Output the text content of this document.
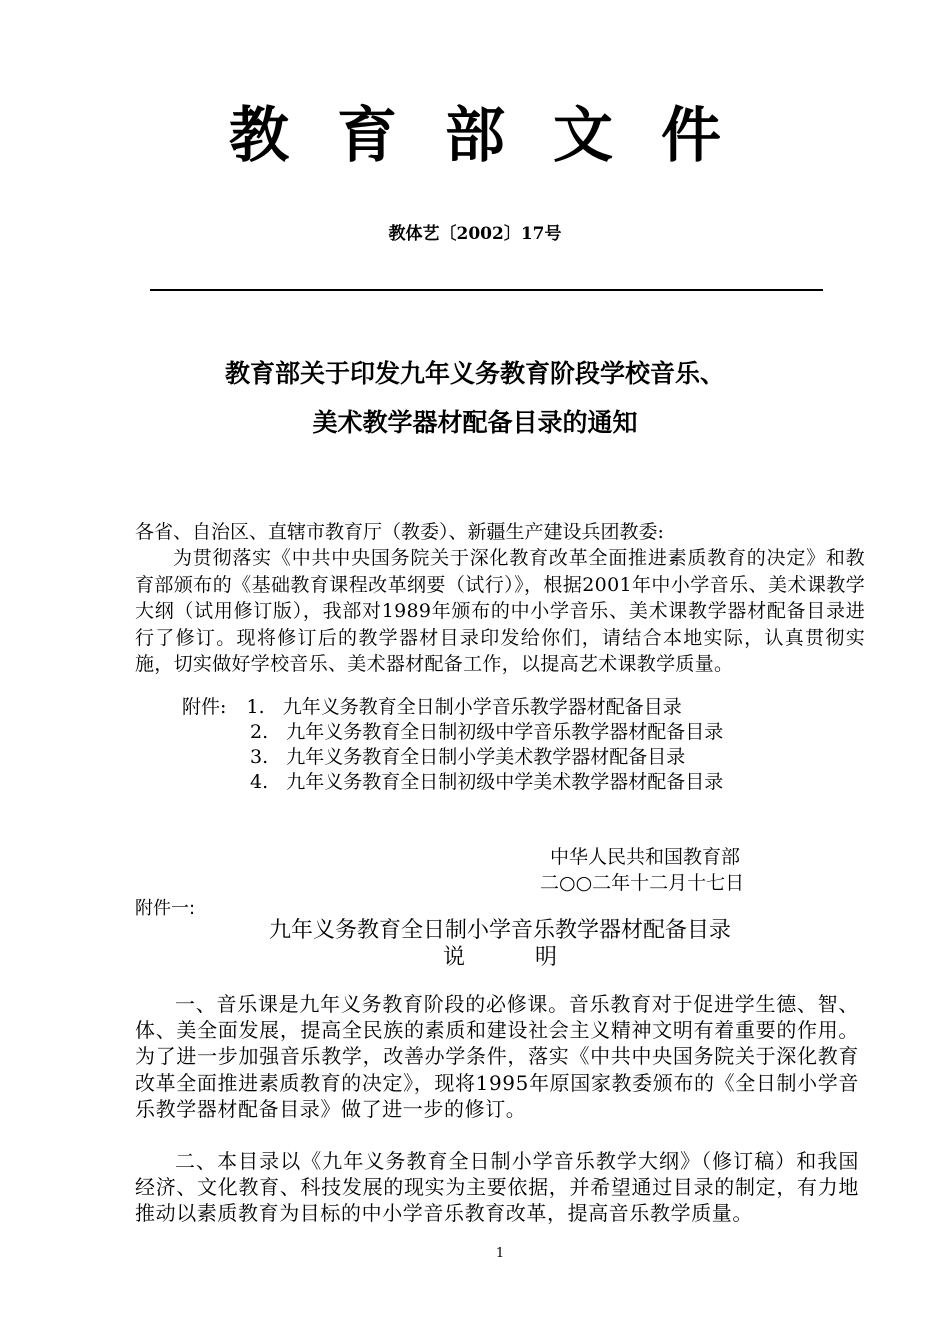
教 育 部 文 件
教体艺〔2002〕17号
教育部关于印发九年义务教育阶段学校音乐、
美术教学器材配备目录的通知
各省、自治区、直辖市教育厅（教委）、新疆生产建设兵团教委:
为贯彻落实《中共中央国务院关于深化教育改革全面推进素质教育的决定》和教育部颁布的《基础教育课程改革纲要（试行）》，根据2001年中小学音乐、美术课教学大纲（试用修订版），我部对1989年颁布的中小学音乐、美术课教学器材配备目录进行了修订。现将修订后的教学器材目录印发给你们，请结合本地实际，认真贯彻实施，切实做好学校音乐、美术器材配备工作，以提高艺术课教学质量。
附件: 1. 九年义务教育全日制小学音乐教学器材配备目录
2. 九年义务教育全日制初级中学音乐教学器材配备目录
3. 九年义务教育全日制小学美术教学器材配备目录
4. 九年义务教育全日制初级中学美术教学器材配备目录
中华人民共和国教育部
二○○二年十二月十七日
附件一:
九年义务教育全日制小学音乐教学器材配备目录
说	明
一、音乐课是九年义务教育阶段的必修课。音乐教育对于促进学生德、智、体、美全面发展，提高全民族的素质和建设社会主义精神文明有着重要的作用。为了进一步加强音乐教学，改善办学条件，落实《中共中央国务院关于深化教育改革全面推进素质教育的决定》，现将1995年原国家教委颁布的《全日制小学音乐教学器材配备目录》做了进一步的修订。
二、本目录以《九年义务教育全日制小学音乐教学大纲》（修订稿）和我国经济、文化教育、科技发展的现实为主要依据，并希望通过目录的制定，有力地推动以素质教育为目标的中小学音乐教育改革，提高音乐教学质量。
1
